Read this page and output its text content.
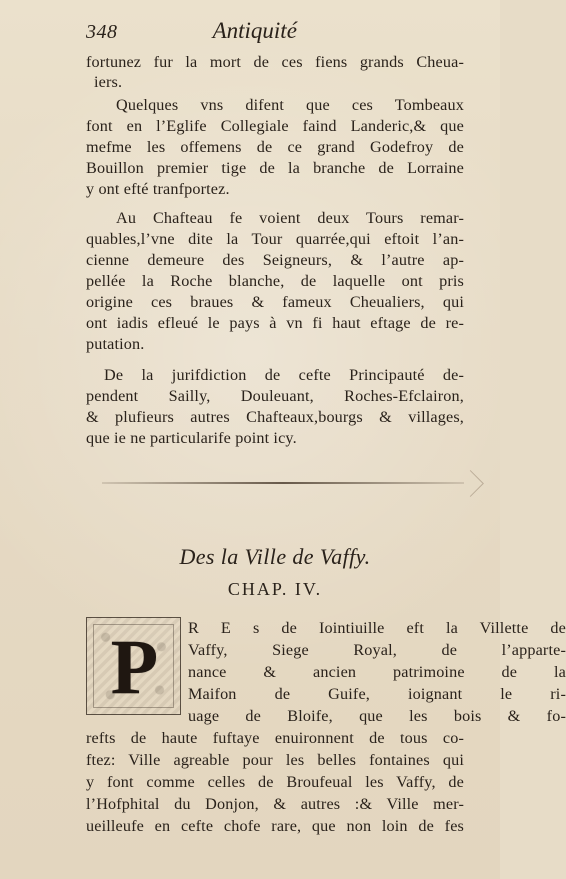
348	Antiquité
fortunez fur la mort de ces fiens grands Cheua-
iers.
Quelques vns difent que ces Tombeaux
font en l’Eglife Collegiale faind Landeric,& que
mefme les offemens de ce grand Godefroy de
Bouillon premier tige de la branche de Lorraine
y ont efté tranfportez.
Au Chafteau fe voient deux Tours remar-
quables,l’vne dite la Tour quarrée,qui eftoit l’an-
cienne demeure des Seigneurs, & l’autre ap-
pellée la Roche blanche, de laquelle ont pris
origine ces braues & fameux Cheualiers, qui
ont iadis efleué le pays à vn fi haut eftage de re-
putation.
De la jurifdiction de cefte Principauté de-
pendent Sailly, Douleuant, Roches-Efclairon,
& plufieurs autres Chafteaux,bourgs & villages,
que ie ne particularife point icy.
Des la Ville de Vaffy.
CHAP. IV.
P	R E s de Iointiuille eft la Villette de
Vaffy, Siege Royal, de l’apparte-
nance & ancien patrimoine de la
Maifon de Guife, ioignant le ri-
uage de Bloife, que les bois & fo-
refts de haute fuftaye enuironnent de tous co-
ftez: Ville agreable pour les belles fontaines qui
y font comme celles de Broufeual les Vaffy, de
l’Hofphital du Donjon, & autres :& Ville mer-
ueilleufe en cefte chofe rare, que non loin de fes
